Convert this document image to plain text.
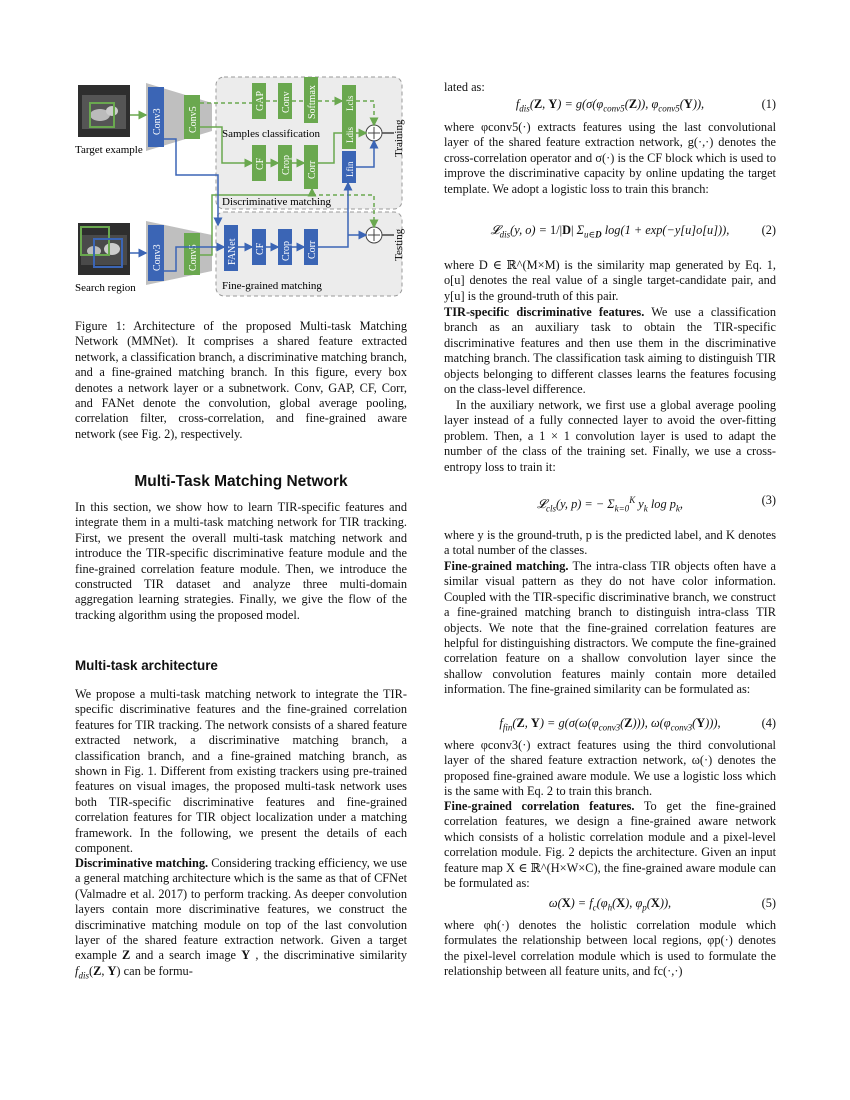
Target example
Search region
Conv3	Conv5
Conv3	Conv5
GAP Conv Softmax	Lcls
Samples classification
CF Crop Corr
Ldis
Lfin
Discriminative matching
FANet CF Crop Corr
Fine-grained matching
Training
Testing

Figure 1: Architecture of the proposed Multi-task Matching Network (MMNet). It comprises a shared feature extracted network, a classification branch, a discriminative matching branch, and a fine-grained matching branch. In this figure, every box denotes a network layer or a subnetwork. Conv, GAP, CF, Corr, and FANet denote the convolution, global average pooling, correlation filter, cross-correlation, and fine-grained aware network (see Fig. 2), respectively.

Multi-Task Matching Network

In this section, we show how to learn TIR-specific features and integrate them in a multi-task matching network for TIR tracking. First, we present the overall multi-task matching network and introduce the TIR-specific discriminative feature module and the fine-grained correlation feature module. Then, we introduce the constructed TIR dataset and analyze three multi-domain aggregation learning strategies. Finally, we give the flow of the tracking algorithm using the proposed model.

Multi-task architecture

We propose a multi-task matching network to integrate the TIR-specific discriminative features and the fine-grained correlation features for TIR tracking. The network consists of a shared feature extracted network, a discriminative matching branch, a classification branch, and a fine-grained matching branch, as shown in Fig. 1. Different from existing trackers using pre-trained features on visual images, the proposed multi-task network uses both TIR-specific discriminative features and fine-grained correlation features for TIR object localization under a matching framework. In the following, we present the details of each component.

Discriminative matching. Considering tracking efficiency, we use a general matching architecture which is the same as that of CFNet (Valmadre et al. 2017) to perform tracking. As deeper convolution layers contain more discriminative features, we construct the discriminative matching module on top of the last convolution layer of the shared feature extraction network. Given a target example Z and a search image Y , the discriminative similarity $f_{dis}(Z$, Y) can be formu-

lated as:

$f_{dis}(Z$, $Y) = g(\sigma(\varphi_{conv5}(Z))$, $\varphi_{conv5}(Y)$),	(1)

where φconv5(·) extracts features using the last convolutional layer of the shared feature extraction network, g(·,·) denotes the cross-correlation operator and σ(·) is the CF block which is used to improve the discriminative capacity by online updating the target template. We adopt a logistic loss to train this branch:

𝓛$_{dis}$(y, o) = 1/|D| $\Sigma_{u\in D}$ log(1 + exp(−y[u]o[u])),	(2)

where D ∈ ℝ^(M×M) is the similarity map generated by Eq. 1, o[u] denotes the real value of a single target-candidate pair, and y[u] is the ground-truth of this pair.

TIR-specific discriminative features. We use a classification branch as an auxiliary task to obtain the TIR-specific discriminative features and then use them in the discriminative matching branch. The classification task aiming to distinguish TIR objects belonging to different classes learns the features focusing on the class-level difference.

In the auxiliary network, we first use a global average pooling layer instead of a fully connected layer to avoid the over-fitting problem. Then, a 1 × 1 convolution layer is used to adapt the number of the class of the training set. Finally, we use a cross-entropy loss to train it:

𝓛$_{cls}$(y, p) = − $\Sigma_{k=0}^K$ $y_k$ $\log p_k$,	(3)

where y is the ground-truth, p is the predicted label, and K denotes a total number of the classes.

Fine-grained matching. The intra-class TIR objects often have a similar visual pattern as they do not have color information. Coupled with the TIR-specific discriminative branch, we construct a fine-grained matching branch to distinguish intra-class TIR objects. We note that the fine-grained correlation features are helpful for distinguishing distractors. We compute the fine-grained correlation feature on a shallow convolution layer since the shallow convolution features mainly contain more detailed information. The fine-grained similarity can be formulated as:

$f_{fin}(Z$, $Y) = g(\sigma(\omega(\varphi_{conv3}(Z)))$, $\omega(\varphi_{conv3}(Y))$),	(4)

where φconv3(·) extract features using the third convolutional layer of the shared feature extraction network, ω(·) denotes the proposed fine-grained aware module. We use a logistic loss which is the same with Eq. 2 to train this branch.

Fine-grained correlation features. To get the fine-grained correlation features, we design a fine-grained aware network which consists of a holistic correlation module and a pixel-level correlation module. Fig. 2 depicts the architecture. Given an input feature map X ∈ ℝ^(H×W×C), the fine-grained aware module can be formulated as:

$\omega(X) = f_c(\varphi_h(X)$, $\varphi_p(X)$),	(5)

where φh(·) denotes the holistic correlation module which formulates the relationship between local regions, φp(·) denotes the pixel-level correlation module which is used to formulate the relationship between all feature units, and fc(·,·)
